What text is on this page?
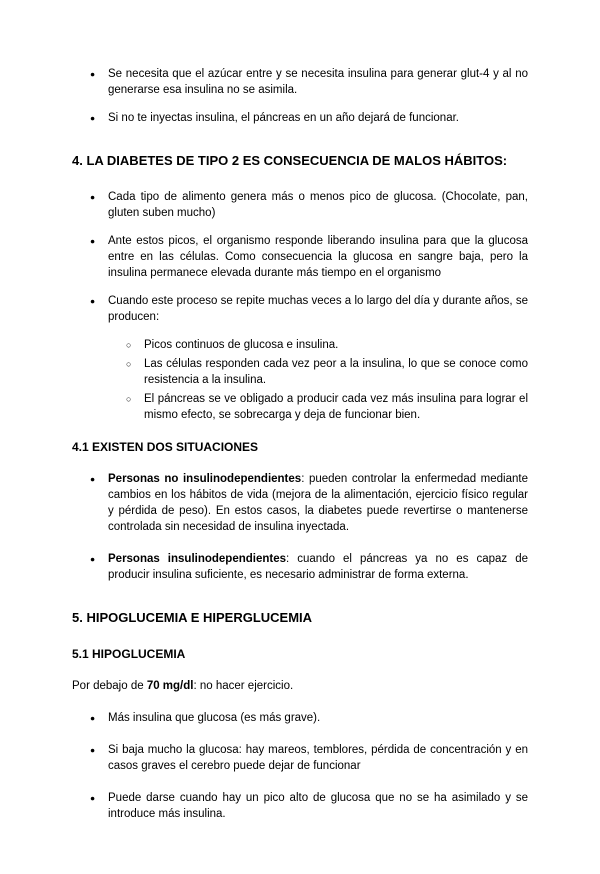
●	Se necesita que el azúcar entre y se necesita insulina para generar glut-4 y al no generarse esa insulina no se asimila.
●	Si no te inyectas insulina, el páncreas en un año dejará de funcionar.
4. LA DIABETES DE TIPO 2 ES CONSECUENCIA DE MALOS HÁBITOS:
●	Cada tipo de alimento genera más o menos pico de glucosa. (Chocolate, pan, gluten suben mucho)
●	Ante estos picos, el organismo responde liberando insulina para que la glucosa entre en las células. Como consecuencia la glucosa en sangre baja, pero la insulina permanece elevada durante más tiempo en el organismo
●	Cuando este proceso se repite muchas veces a lo largo del día y durante años, se producen:
○	Picos continuos de glucosa e insulina.
○	Las células responden cada vez peor a la insulina, lo que se conoce como resistencia a la insulina.
○	El páncreas se ve obligado a producir cada vez más insulina para lograr el mismo efecto, se sobrecarga y deja de funcionar bien.
4.1 EXISTEN DOS SITUACIONES
●	Personas no insulinodependientes: pueden controlar la enfermedad mediante cambios en los hábitos de vida (mejora de la alimentación, ejercicio físico regular y pérdida de peso). En estos casos, la diabetes puede revertirse o mantenerse controlada sin necesidad de insulina inyectada.
●	Personas insulinodependientes: cuando el páncreas ya no es capaz de producir insulina suficiente, es necesario administrar de forma externa.
5. HIPOGLUCEMIA E HIPERGLUCEMIA
5.1 HIPOGLUCEMIA

Por debajo de 70 mg/dl: no hacer ejercicio.

●	Más insulina que glucosa (es más grave).
●	Si baja mucho la glucosa: hay mareos, temblores, pérdida de concentración y en casos graves el cerebro puede dejar de funcionar
●	Puede darse cuando hay un pico alto de glucosa que no se ha asimilado y se introduce más insulina.
